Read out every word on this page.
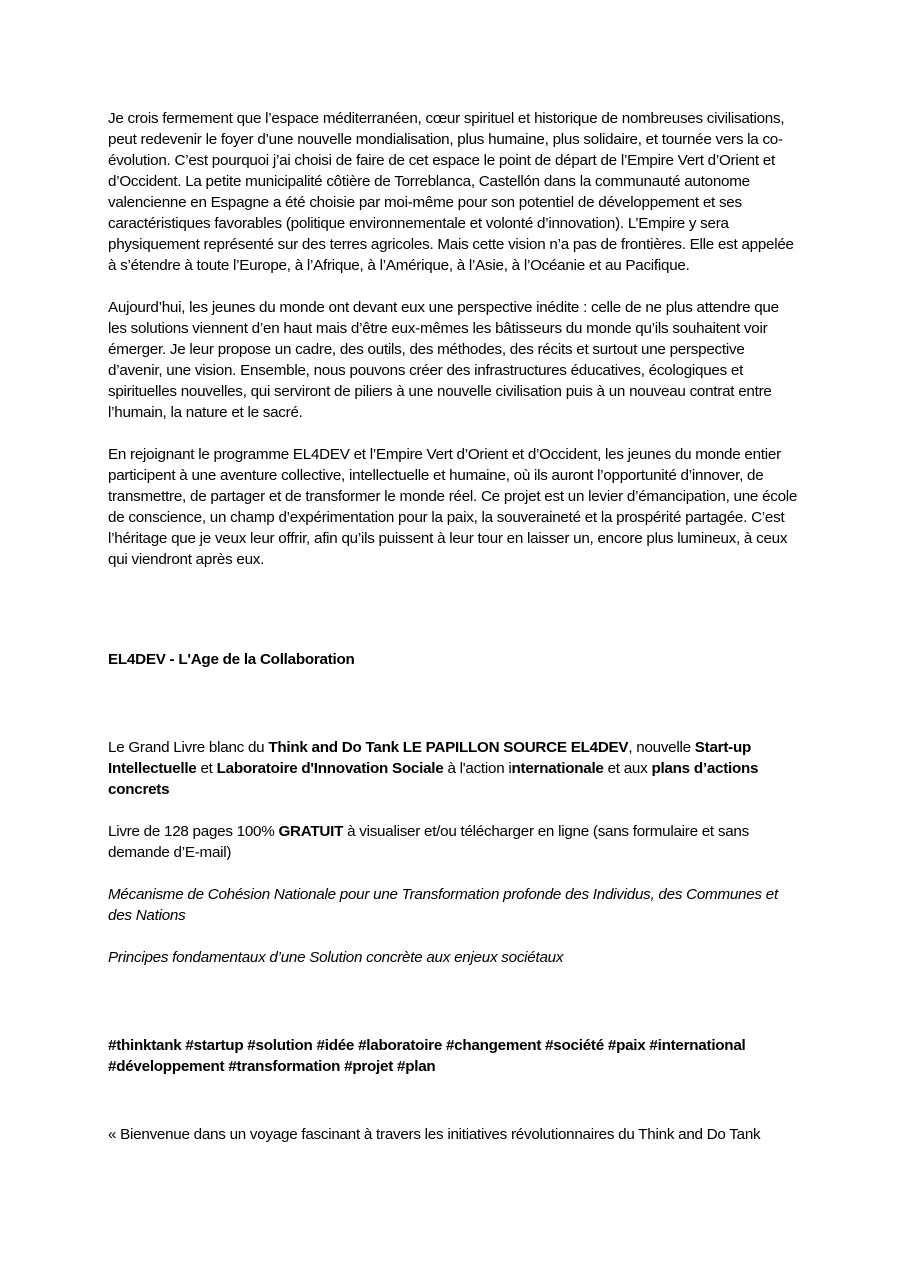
Je crois fermement que l’espace méditerranéen, cœur spirituel et historique de nombreuses civilisations, peut redevenir le foyer d’une nouvelle mondialisation, plus humaine, plus solidaire, et tournée vers la co-évolution. C’est pourquoi j’ai choisi de faire de cet espace le point de départ de l’Empire Vert d’Orient et d’Occident. La petite municipalité côtière de Torreblanca, Castellón dans la communauté autonome valencienne en Espagne a été choisie par moi-même pour son potentiel de développement et ses caractéristiques favorables (politique environnementale et volonté d’innovation). L’Empire y sera physiquement représenté sur des terres agricoles. Mais cette vision n’a pas de frontières. Elle est appelée à s’étendre à toute l’Europe, à l’Afrique, à l’Amérique, à l’Asie, à l’Océanie et au Pacifique.

Aujourd’hui, les jeunes du monde ont devant eux une perspective inédite : celle de ne plus attendre que les solutions viennent d’en haut mais d’être eux-mêmes les bâtisseurs du monde qu’ils souhaitent voir émerger. Je leur propose un cadre, des outils, des méthodes, des récits et surtout une perspective d’avenir, une vision. Ensemble, nous pouvons créer des infrastructures éducatives, écologiques et spirituelles nouvelles, qui serviront de piliers à une nouvelle civilisation puis à un nouveau contrat entre l’humain, la nature et le sacré.

En rejoignant le programme EL4DEV et l’Empire Vert d’Orient et d’Occident, les jeunes du monde entier participent à une aventure collective, intellectuelle et humaine, où ils auront l’opportunité d’innover, de transmettre, de partager et de transformer le monde réel. Ce projet est un levier d’émancipation, une école de conscience, un champ d’expérimentation pour la paix, la souveraineté et la prospérité partagée. C’est l’héritage que je veux leur offrir, afin qu’ils puissent à leur tour en laisser un, encore plus lumineux, à ceux qui viendront après eux.

EL4DEV - L'Age de la Collaboration

Le Grand Livre blanc du Think and Do Tank LE PAPILLON SOURCE EL4DEV, nouvelle Start-up Intellectuelle et Laboratoire d'Innovation Sociale à l'action internationale et aux plans d’actions concrets

Livre de 128 pages 100% GRATUIT à visualiser et/ou télécharger en ligne (sans formulaire et sans demande d’E-mail)

Mécanisme de Cohésion Nationale pour une Transformation profonde des Individus, des Communes et des Nations

Principes fondamentaux d’une Solution concrète aux enjeux sociétaux

#thinktank #startup #solution #idée #laboratoire #changement #société #paix #international #développement #transformation #projet #plan

« Bienvenue dans un voyage fascinant à travers les initiatives révolutionnaires du Think and Do Tank
